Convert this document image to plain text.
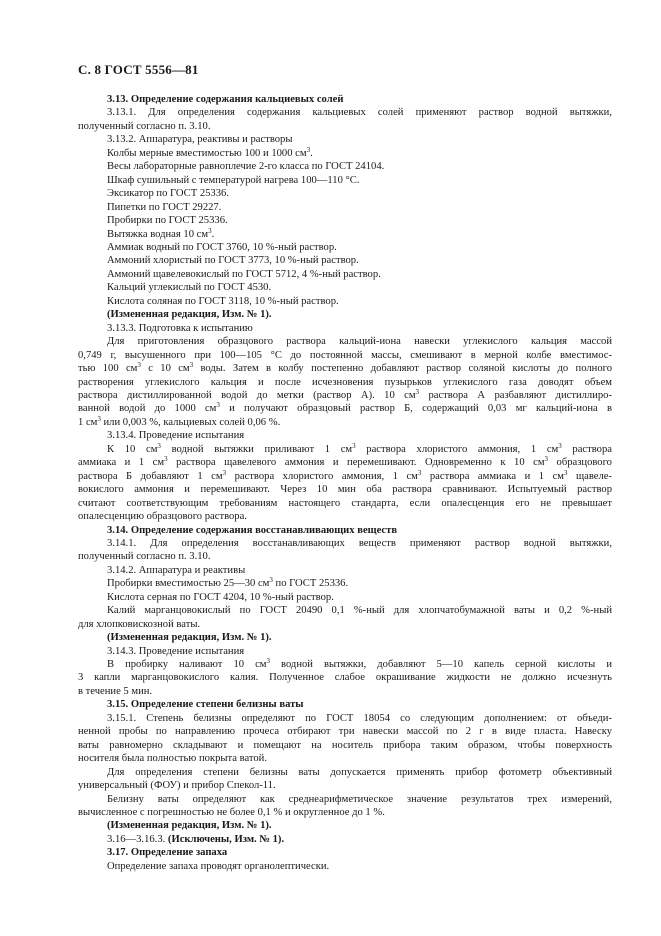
С. 8 ГОСТ 5556—81

3.13. Определение содержания кальциевых солей

3.13.1. Для определения содержания кальциевых солей применяют раствор водной вытяжки,

полученный согласно п. 3.10.

3.13.2. Аппаратура, реактивы и растворы

Колбы мерные вместимостью 100 и 1000 $см^3$.

Весы лабораторные равноплечие 2-го класса по ГОСТ 24104.

Шкаф сушильный с температурой нагрева 100—110 °С.

Эксикатор по ГОСТ 25336.

Пипетки по ГОСТ 29227.

Пробирки по ГОСТ 25336.

Вытяжка водная 10 $см^3$.

Аммиак водный по ГОСТ 3760, 10 %-ный раствор.

Аммоний хлористый по ГОСТ 3773, 10 %-ный раствор.

Аммоний щавелевокислый по ГОСТ 5712, 4 %-ный раствор.

Кальций углекислый по ГОСТ 4530.

Кислота соляная по ГОСТ 3118, 10 %-ный раствор.

(Измененная редакция, Изм. № 1).

3.13.3. Подготовка к испытанию

Для приготовления образцового раствора кальций-иона навески углекислого кальция массой

0,749 г, высушенного при 100—105 °С до постоянной массы, смешивают в мерной колбе вместимос-

тью 100 $см^3$ с 10 $см^3$ воды. Затем в колбу постепенно добавляют раствор соляной кислоты до полного

растворения углекислого кальция и после исчезновения пузырьков углекислого газа доводят объем

раствора дистиллированной водой до метки (раствор А). 10 $см^3$ раствора А разбавляют дистиллиро-

ванной водой до 1000 $см^3$ и получают образцовый раствор Б, содержащий 0,03 мг кальций-иона в

1 $см^3$ или 0,003 %, кальциевых солей 0,06 %.

3.13.4. Проведение испытания

К 10 $см^3$ водной вытяжки приливают 1 $см^3$ раствора хлористого аммония, 1 $см^3$ раствора

аммиака и 1 $см^3$ раствора щавелевого аммония и перемешивают. Одновременно к 10 $см^3$ образцового

раствора Б добавляют 1 $см^3$ раствора хлористого аммония, 1 $см^3$ раствора аммиака и 1 $см^3$ щавеле-

вокислого аммония и перемешивают. Через 10 мин оба раствора сравнивают. Испытуемый раствор

считают соответствующим требованиям настоящего стандарта, если опалесценция его не превышает

опалесценцию образцового раствора.

3.14. Определение содержания восстанавливающих веществ

3.14.1. Для определения восстанавливающих веществ применяют раствор водной вытяжки,

полученный согласно п. 3.10.

3.14.2. Аппаратура и реактивы

Пробирки вместимостью 25—30 $см^3$ по ГОСТ 25336.

Кислота серная по ГОСТ 4204, 10 %-ный раствор.

Калий марганцовокислый по ГОСТ 20490 0,1 %-ный для хлопчатобумажной ваты и 0,2 %-ный

для хлопковискозной ваты.

(Измененная редакция, Изм. № 1).

3.14.3. Проведение испытания

В пробирку наливают 10 $см^3$ водной вытяжки, добавляют 5—10 капель серной кислоты и

3 капли марганцовокислого калия. Полученное слабое окрашивание жидкости не должно исчезнуть

в течение 5 мин.

3.15. Определение степени белизны ваты

3.15.1. Степень белизны определяют по ГОСТ 18054 со следующим дополнением: от объеди-

ненной пробы по направлению прочеса отбирают три навески массой по 2 г в виде пласта. Навеску

ваты равномерно складывают и помещают на носитель прибора таким образом, чтобы поверхность

носителя была полностью покрыта ватой.

Для определения степени белизны ваты допускается применять прибор фотометр объективный

универсальный (ФОУ) и прибор Спекол-11.

Белизну ваты определяют как среднеарифметическое значение результатов трех измерений,

вычисленное с погрешностью не более 0,1 % и округленное до 1 %.

(Измененная редакция, Изм. № 1).

3.16—3.16.3. (Исключены, Изм. № 1).

3.17. Определение запаха

Определение запаха проводят органолептически.
